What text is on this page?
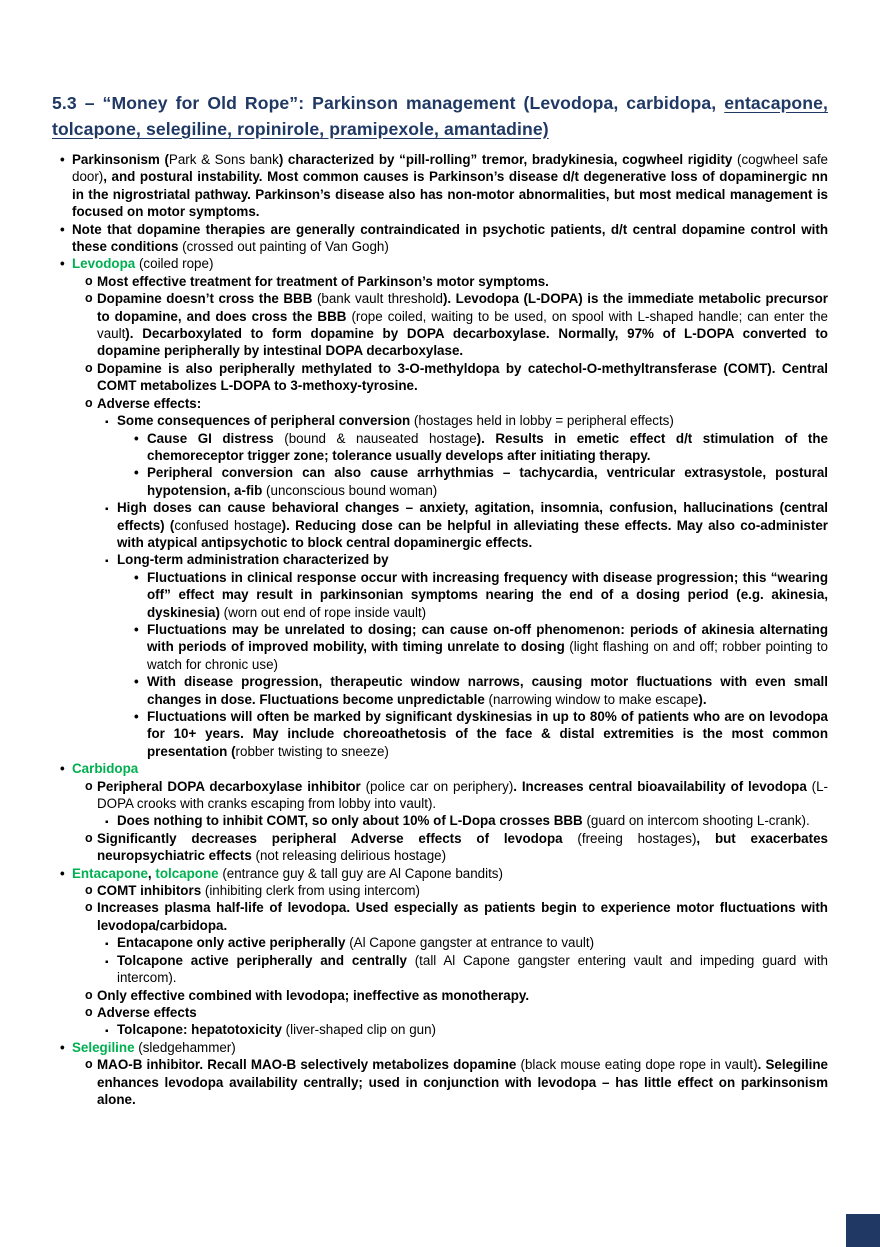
5.3 – “Money for Old Rope”: Parkinson management (Levodopa, carbidopa, entacapone, tolcapone, selegiline, ropinirole, pramipexole, amantadine)
• Parkinsonism (Park & Sons bank) characterized by “pill-rolling” tremor, bradykinesia, cogwheel rigidity (cogwheel safe door), and postural instability. Most common causes is Parkinson’s disease d/t degenerative loss of dopaminergic nn in the nigrostriatal pathway. Parkinson’s disease also has non-motor abnormalities, but most medical management is focused on motor symptoms.
• Note that dopamine therapies are generally contraindicated in psychotic patients, d/t central dopamine control with these conditions (crossed out painting of Van Gogh)
• Levodopa (coiled rope)
o Most effective treatment for treatment of Parkinson’s motor symptoms.
o Dopamine doesn’t cross the BBB (bank vault threshold). Levodopa (L-DOPA) is the immediate metabolic precursor to dopamine, and does cross the BBB (rope coiled, waiting to be used, on spool with L-shaped handle; can enter the vault). Decarboxylated to form dopamine by DOPA decarboxylase. Normally, 97% of L-DOPA converted to dopamine peripherally by intestinal DOPA decarboxylase.
o Dopamine is also peripherally methylated to 3-O-methyldopa by catechol-O-methyltransferase (COMT). Central COMT metabolizes L-DOPA to 3-methoxy-tyrosine.
o Adverse effects:
▪ Some consequences of peripheral conversion (hostages held in lobby = peripheral effects)
• Cause GI distress (bound & nauseated hostage). Results in emetic effect d/t stimulation of the chemoreceptor trigger zone; tolerance usually develops after initiating therapy.
• Peripheral conversion can also cause arrhythmias – tachycardia, ventricular extrasystole, postural hypotension, a-fib (unconscious bound woman)
▪ High doses can cause behavioral changes – anxiety, agitation, insomnia, confusion, hallucinations (central effects) (confused hostage). Reducing dose can be helpful in alleviating these effects. May also co-administer with atypical antipsychotic to block central dopaminergic effects.
▪ Long-term administration characterized by
• Fluctuations in clinical response occur with increasing frequency with disease progression; this “wearing off” effect may result in parkinsonian symptoms nearing the end of a dosing period (e.g. akinesia, dyskinesia) (worn out end of rope inside vault)
• Fluctuations may be unrelated to dosing; can cause on-off phenomenon: periods of akinesia alternating with periods of improved mobility, with timing unrelate to dosing (light flashing on and off; robber pointing to watch for chronic use)
• With disease progression, therapeutic window narrows, causing motor fluctuations with even small changes in dose. Fluctuations become unpredictable (narrowing window to make escape).
• Fluctuations will often be marked by significant dyskinesias in up to 80% of patients who are on levodopa for 10+ years. May include choreoathetosis of the face & distal extremities is the most common presentation (robber twisting to sneeze)
• Carbidopa
o Peripheral DOPA decarboxylase inhibitor (police car on periphery). Increases central bioavailability of levodopa (L-DOPA crooks with cranks escaping from lobby into vault).
▪ Does nothing to inhibit COMT, so only about 10% of L-Dopa crosses BBB (guard on intercom shooting L-crank).
o Significantly decreases peripheral Adverse effects of levodopa (freeing hostages), but exacerbates neuropsychiatric effects (not releasing delirious hostage)
• Entacapone, tolcapone (entrance guy & tall guy are Al Capone bandits)
o COMT inhibitors (inhibiting clerk from using intercom)
o Increases plasma half-life of levodopa. Used especially as patients begin to experience motor fluctuations with levodopa/carbidopa.
▪ Entacapone only active peripherally (Al Capone gangster at entrance to vault)
▪ Tolcapone active peripherally and centrally (tall Al Capone gangster entering vault and impeding guard with intercom).
o Only effective combined with levodopa; ineffective as monotherapy.
o Adverse effects
▪ Tolcapone: hepatotoxicity (liver-shaped clip on gun)
• Selegiline (sledgehammer)
o MAO-B inhibitor. Recall MAO-B selectively metabolizes dopamine (black mouse eating dope rope in vault). Selegiline enhances levodopa availability centrally; used in conjunction with levodopa – has little effect on parkinsonism alone.
